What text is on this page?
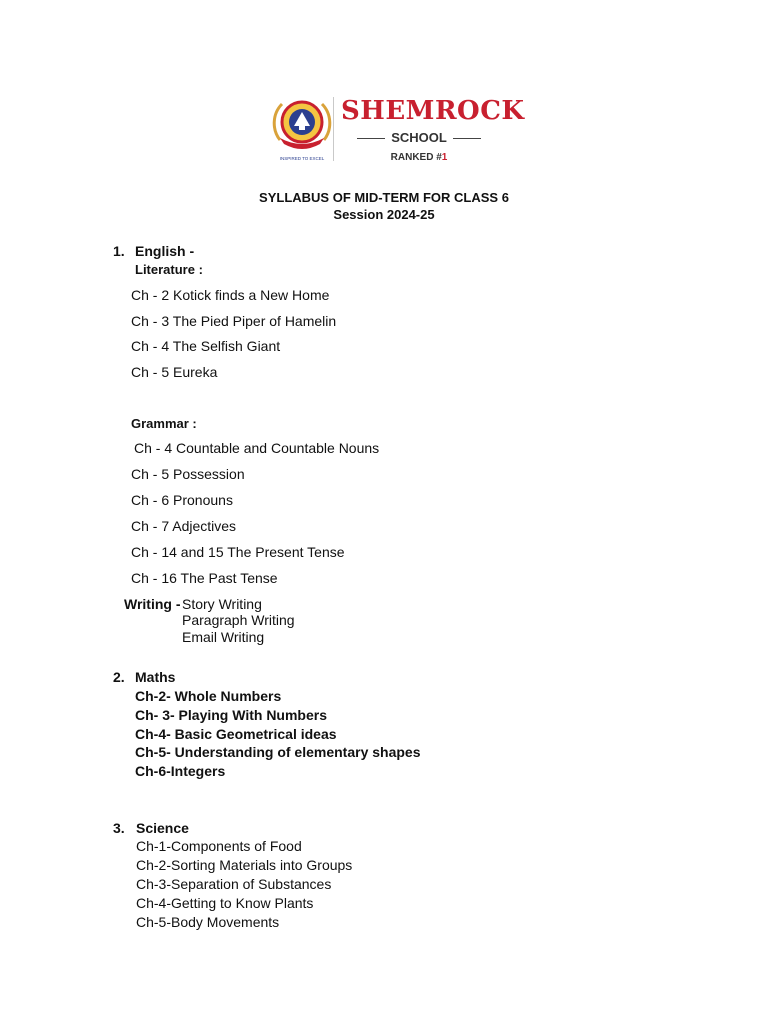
INSPIRED TO EXCEL
SHEMROCK
SCHOOL
RANKED #1
SYLLABUS OF MID-TERM FOR CLASS 6
Session 2024-25
1. English -
Literature :
Ch - 2 Kotick finds a New Home
Ch - 3 The Pied Piper of Hamelin
Ch - 4 The Selfish Giant
Ch - 5 Eureka
Grammar :
Ch - 4 Countable and Countable Nouns
Ch - 5 Possession
Ch - 6 Pronouns
Ch - 7 Adjectives
Ch - 14 and 15 The Present Tense
Ch - 16 The Past Tense
Writing - Story Writing
Paragraph Writing
Email Writing
2. Maths
Ch-2- Whole Numbers
Ch- 3- Playing With Numbers
Ch-4- Basic Geometrical ideas
Ch-5- Understanding of elementary shapes
Ch-6-Integers
3. Science
Ch-1-Components of Food
Ch-2-Sorting Materials into Groups
Ch-3-Separation of Substances
Ch-4-Getting to Know Plants
Ch-5-Body Movements
